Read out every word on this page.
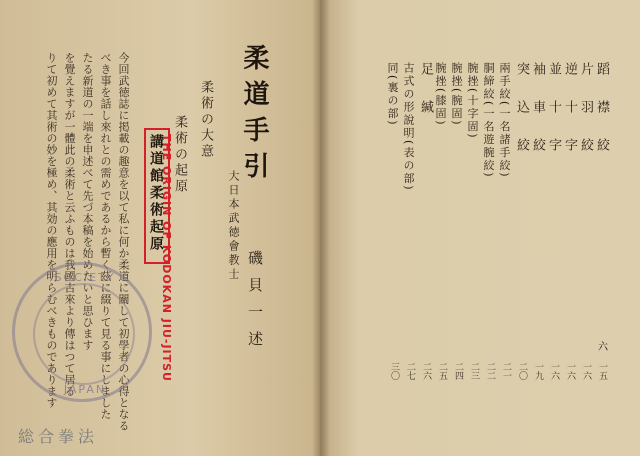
柔道手引
大日本武徳會教士
磯貝一述
柔術の大意
柔術の起原
講道館柔術起原
THE ORIGIN OF KODOKAN JIU-JITSU
今回武徳誌に掲載の趣意を以て私に何か柔道に關して初學者の心得となる
べき事を話し來れとの需めであるから暫く茲に綴りて見る事にしました
たる新道の一端を申述べて先づ本稿を始めたいと思ひます
を覺えますが一體此の柔術と云ふものは我國古來より傳はつて居る
りて初めて其術の妙を極め、其効の應用を明らむべきものであります
SOCIETY
JAPAN
総合拳法
六
蹈　襟　絞
一五
片　羽　絞
一六
逆　十　字
一六
並　十　字
一六
袖　車　絞
一九
突　込　絞
二〇
兩手絞(一名諸手絞)
二一
胴締絞(一名遊腕絞)
二二
腕挫(十字固)
二三
腕挫(腕固)
二四
腕挫(膝固)
二五
足　緘
二六
古式の形說明(表の部)
二七
同(裏の部)
三〇
